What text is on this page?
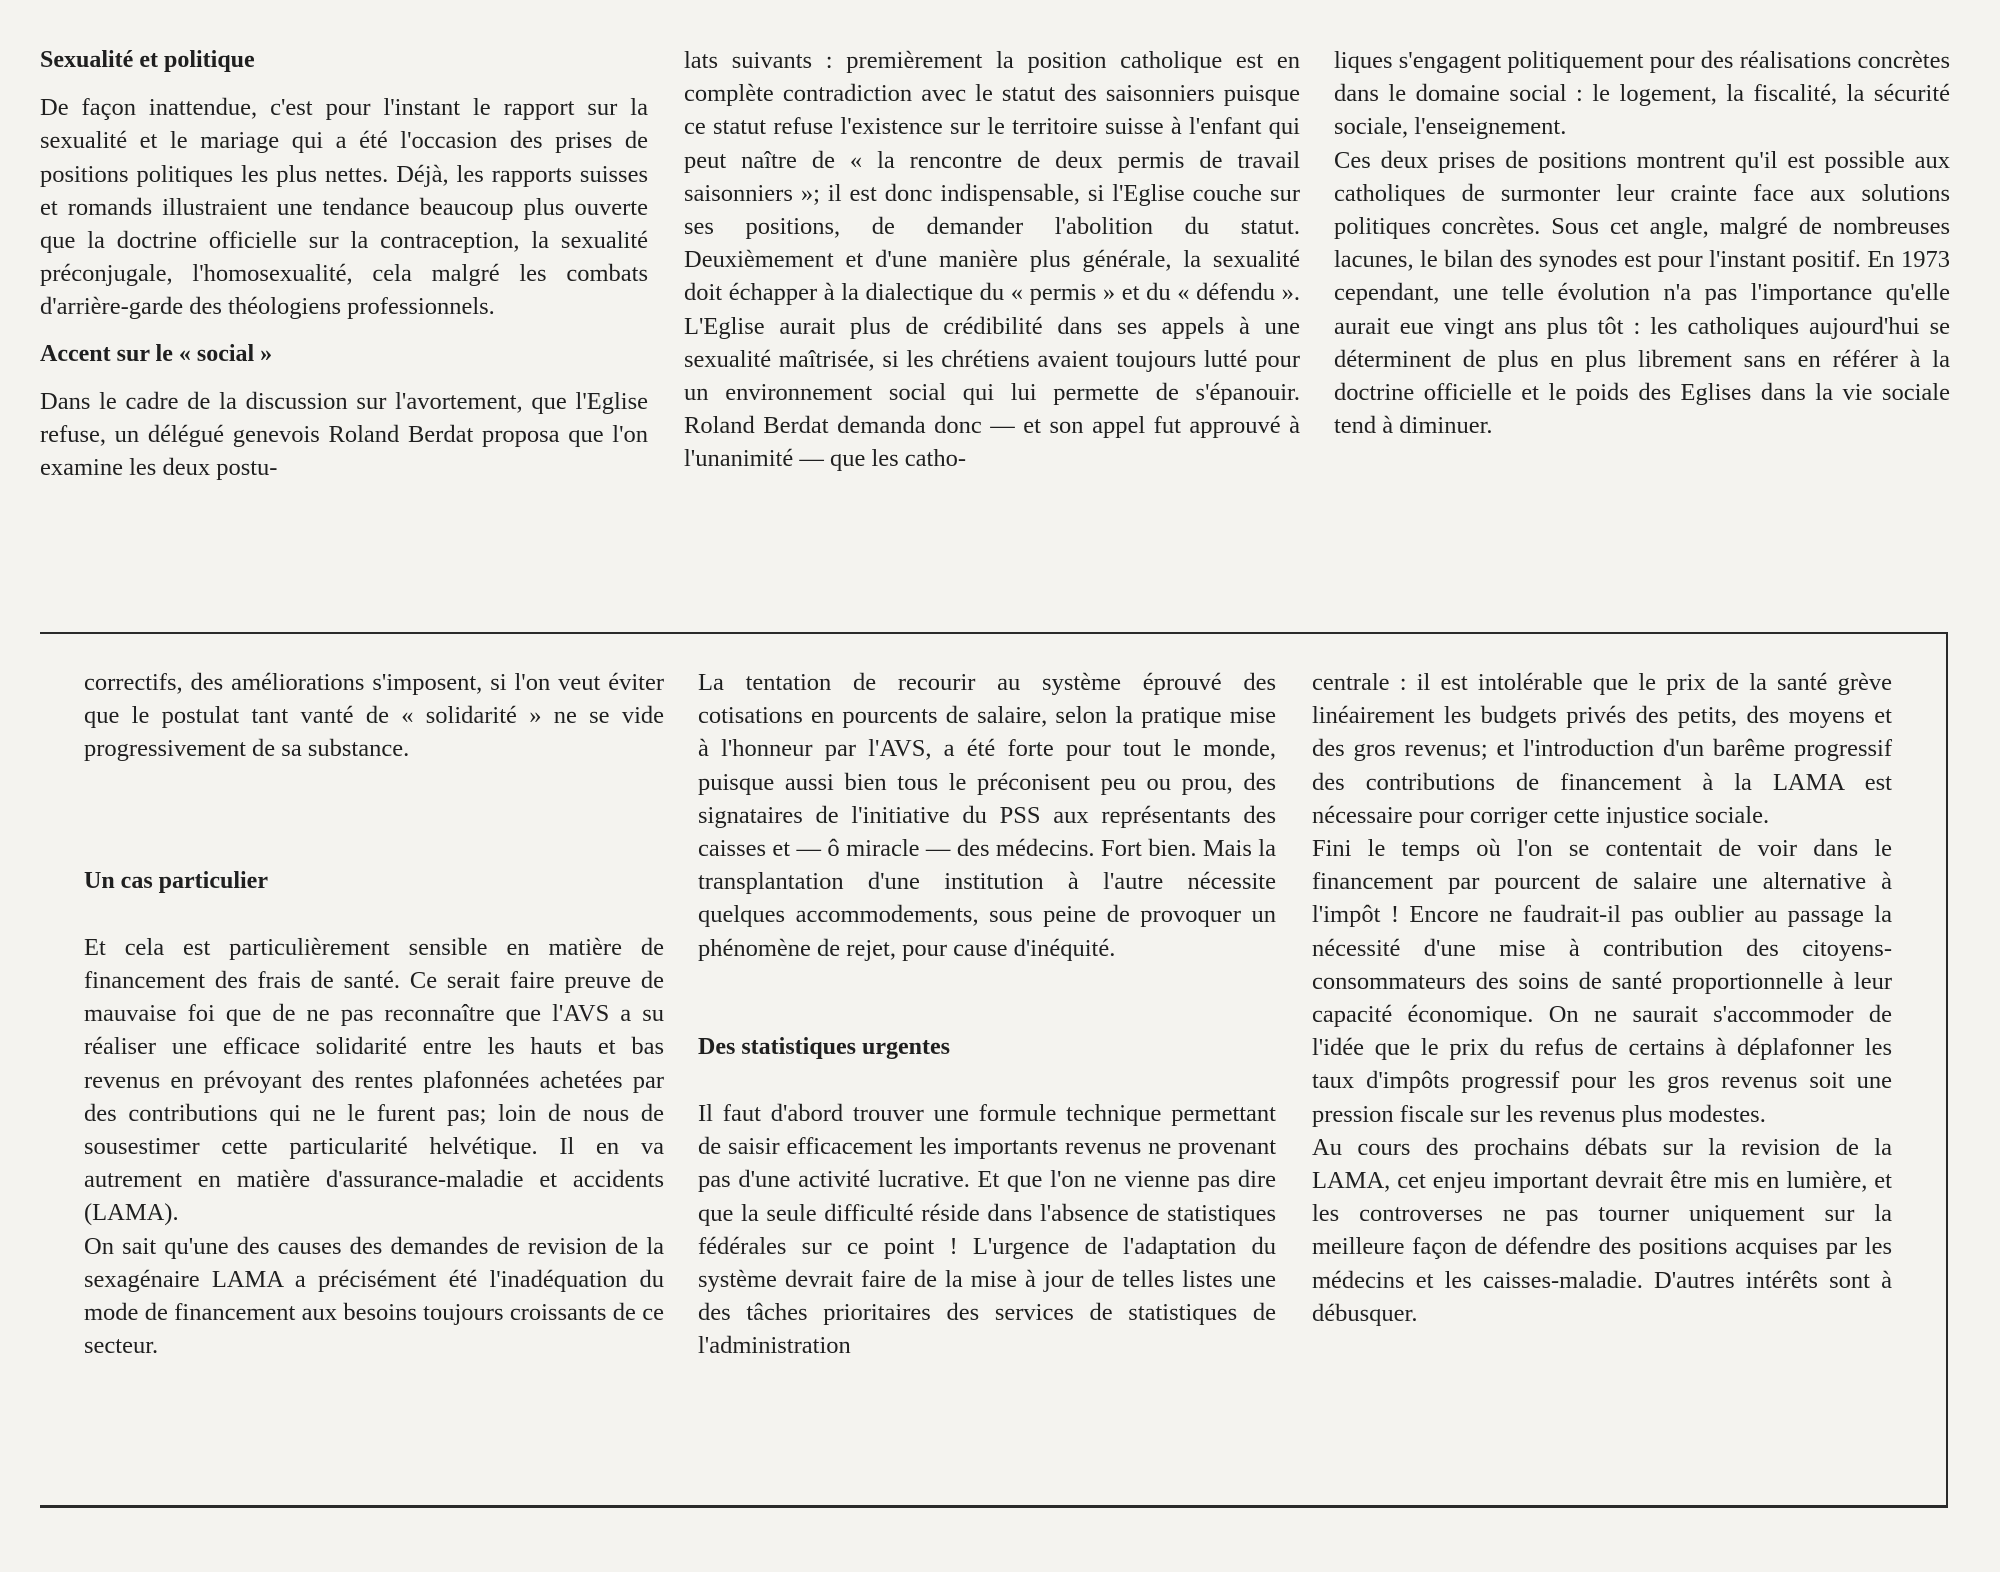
Sexualité et politique

De façon inattendue, c'est pour l'instant le rapport sur la sexualité et le mariage qui a été l'occasion des prises de positions politiques les plus nettes. Déjà, les rapports suisses et romands illustraient une tendance beaucoup plus ouverte que la doctrine officielle sur la contraception, la sexualité préconjugale, l'homosexualité, cela malgré les combats d'arrière-garde des théologiens professionnels.

Accent sur le « social »

Dans le cadre de la discussion sur l'avortement, que l'Eglise refuse, un délégué genevois Roland Berdat proposa que l'on examine les deux postu-

lats suivants : premièrement la position catholique est en complète contradiction avec le statut des saisonniers puisque ce statut refuse l'existence sur le territoire suisse à l'enfant qui peut naître de « la rencontre de deux permis de travail saisonniers »; il est donc indispensable, si l'Eglise couche sur ses positions, de demander l'abolition du statut. Deuxièmement et d'une manière plus générale, la sexualité doit échapper à la dialectique du « permis » et du « défendu ». L'Eglise aurait plus de crédibilité dans ses appels à une sexualité maîtrisée, si les chrétiens avaient toujours lutté pour un environnement social qui lui permette de s'épanouir. Roland Berdat demanda donc — et son appel fut approuvé à l'unanimité — que les catho-

liques s'engagent politiquement pour des réalisations concrètes dans le domaine social : le logement, la fiscalité, la sécurité sociale, l'enseignement.

Ces deux prises de positions montrent qu'il est possible aux catholiques de surmonter leur crainte face aux solutions politiques concrètes. Sous cet angle, malgré de nombreuses lacunes, le bilan des synodes est pour l'instant positif. En 1973 cependant, une telle évolution n'a pas l'importance qu'elle aurait eue vingt ans plus tôt : les catholiques aujourd'hui se déterminent de plus en plus librement sans en référer à la doctrine officielle et le poids des Eglises dans la vie sociale tend à diminuer.

correctifs, des améliorations s'imposent, si l'on veut éviter que le postulat tant vanté de « solidarité » ne se vide progressivement de sa substance.

Un cas particulier

Et cela est particulièrement sensible en matière de financement des frais de santé. Ce serait faire preuve de mauvaise foi que de ne pas reconnaître que l'AVS a su réaliser une efficace solidarité entre les hauts et bas revenus en prévoyant des rentes plafonnées achetées par des contributions qui ne le furent pas; loin de nous de sousestimer cette particularité helvétique. Il en va autrement en matière d'assurance-maladie et accidents (LAMA).

On sait qu'une des causes des demandes de revision de la sexagénaire LAMA a précisément été l'inadéquation du mode de financement aux besoins toujours croissants de ce secteur.

La tentation de recourir au système éprouvé des cotisations en pourcents de salaire, selon la pratique mise à l'honneur par l'AVS, a été forte pour tout le monde, puisque aussi bien tous le préconisent peu ou prou, des signataires de l'initiative du PSS aux représentants des caisses et — ô miracle — des médecins. Fort bien. Mais la transplantation d'une institution à l'autre nécessite quelques accommodements, sous peine de provoquer un phénomène de rejet, pour cause d'inéquité.

Des statistiques urgentes

Il faut d'abord trouver une formule technique permettant de saisir efficacement les importants revenus ne provenant pas d'une activité lucrative. Et que l'on ne vienne pas dire que la seule difficulté réside dans l'absence de statistiques fédérales sur ce point ! L'urgence de l'adaptation du système devrait faire de la mise à jour de telles listes une des tâches prioritaires des services de statistiques de l'administration

centrale : il est intolérable que le prix de la santé grève linéairement les budgets privés des petits, des moyens et des gros revenus; et l'introduction d'un barême progressif des contributions de financement à la LAMA est nécessaire pour corriger cette injustice sociale.

Fini le temps où l'on se contentait de voir dans le financement par pourcent de salaire une alternative à l'impôt ! Encore ne faudrait-il pas oublier au passage la nécessité d'une mise à contribution des citoyens-consommateurs des soins de santé proportionnelle à leur capacité économique. On ne saurait s'accommoder de l'idée que le prix du refus de certains à déplafonner les taux d'impôts progressif pour les gros revenus soit une pression fiscale sur les revenus plus modestes.

Au cours des prochains débats sur la revision de la LAMA, cet enjeu important devrait être mis en lumière, et les controverses ne pas tourner uniquement sur la meilleure façon de défendre des positions acquises par les médecins et les caisses-maladie. D'autres intérêts sont à débusquer.
